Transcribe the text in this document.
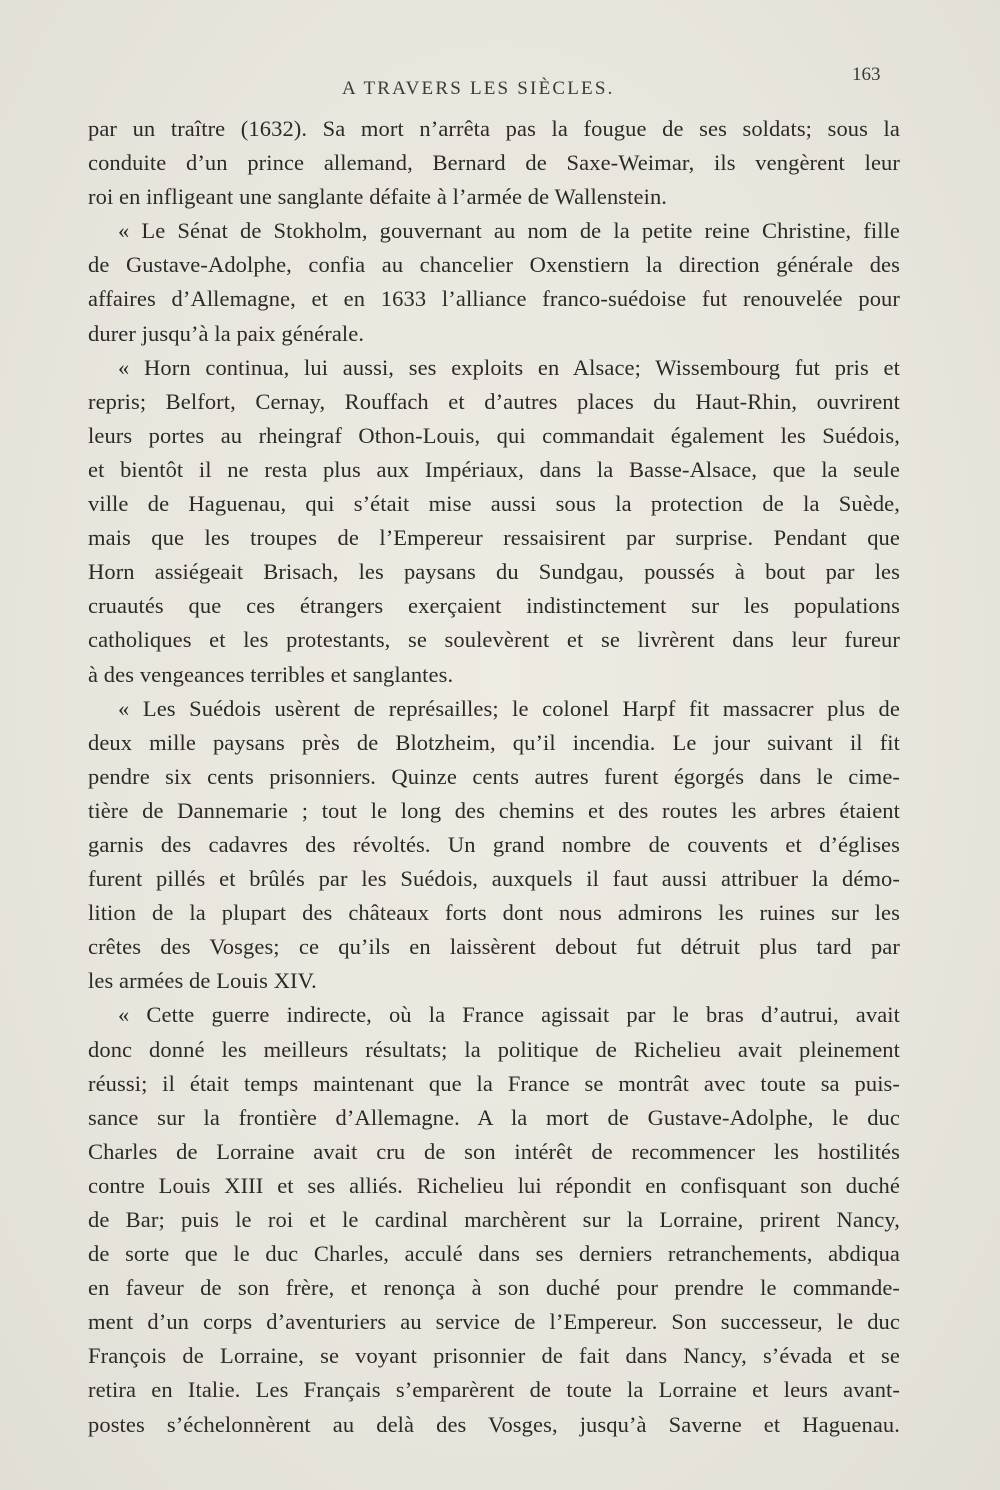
A TRAVERS LES SIÈCLES.
163
par un traître (1632). Sa mort n’arrêta pas la fougue de ses soldats; sous la
conduite d’un prince allemand, Bernard de Saxe-Weimar, ils vengèrent leur
roi en infligeant une sanglante défaite à l’armée de Wallenstein.
« Le Sénat de Stokholm, gouvernant au nom de la petite reine Christine, fille
de Gustave-Adolphe, confia au chancelier Oxenstiern la direction générale des
affaires d’Allemagne, et en 1633 l’alliance franco-suédoise fut renouvelée pour
durer jusqu’à la paix générale.
« Horn continua, lui aussi, ses exploits en Alsace; Wissembourg fut pris et
repris; Belfort, Cernay, Rouffach et d’autres places du Haut-Rhin, ouvrirent
leurs portes au rheingraf Othon-Louis, qui commandait également les Suédois,
et bientôt il ne resta plus aux Impériaux, dans la Basse-Alsace, que la seule
ville de Haguenau, qui s’était mise aussi sous la protection de la Suède,
mais que les troupes de l’Empereur ressaisirent par surprise. Pendant que
Horn assiégeait Brisach, les paysans du Sundgau, poussés à bout par les
cruautés que ces étrangers exerçaient indistinctement sur les populations
catholiques et les protestants, se soulevèrent et se livrèrent dans leur fureur
à des vengeances terribles et sanglantes.
« Les Suédois usèrent de représailles; le colonel Harpf fit massacrer plus de
deux mille paysans près de Blotzheim, qu’il incendia. Le jour suivant il fit
pendre six cents prisonniers. Quinze cents autres furent égorgés dans le cime-
tière de Dannemarie ; tout le long des chemins et des routes les arbres étaient
garnis des cadavres des révoltés. Un grand nombre de couvents et d’églises
furent pillés et brûlés par les Suédois, auxquels il faut aussi attribuer la démo-
lition de la plupart des châteaux forts dont nous admirons les ruines sur les
crêtes des Vosges; ce qu’ils en laissèrent debout fut détruit plus tard par
les armées de Louis XIV.
« Cette guerre indirecte, où la France agissait par le bras d’autrui, avait
donc donné les meilleurs résultats; la politique de Richelieu avait pleinement
réussi; il était temps maintenant que la France se montrât avec toute sa puis-
sance sur la frontière d’Allemagne. A la mort de Gustave-Adolphe, le duc
Charles de Lorraine avait cru de son intérêt de recommencer les hostilités
contre Louis XIII et ses alliés. Richelieu lui répondit en confisquant son duché
de Bar; puis le roi et le cardinal marchèrent sur la Lorraine, prirent Nancy,
de sorte que le duc Charles, acculé dans ses derniers retranchements, abdiqua
en faveur de son frère, et renonça à son duché pour prendre le commande-
ment d’un corps d’aventuriers au service de l’Empereur. Son successeur, le duc
François de Lorraine, se voyant prisonnier de fait dans Nancy, s’évada et se
retira en Italie. Les Français s’emparèrent de toute la Lorraine et leurs avant-
postes s’échelonnèrent au delà des Vosges, jusqu’à Saverne et Haguenau.
